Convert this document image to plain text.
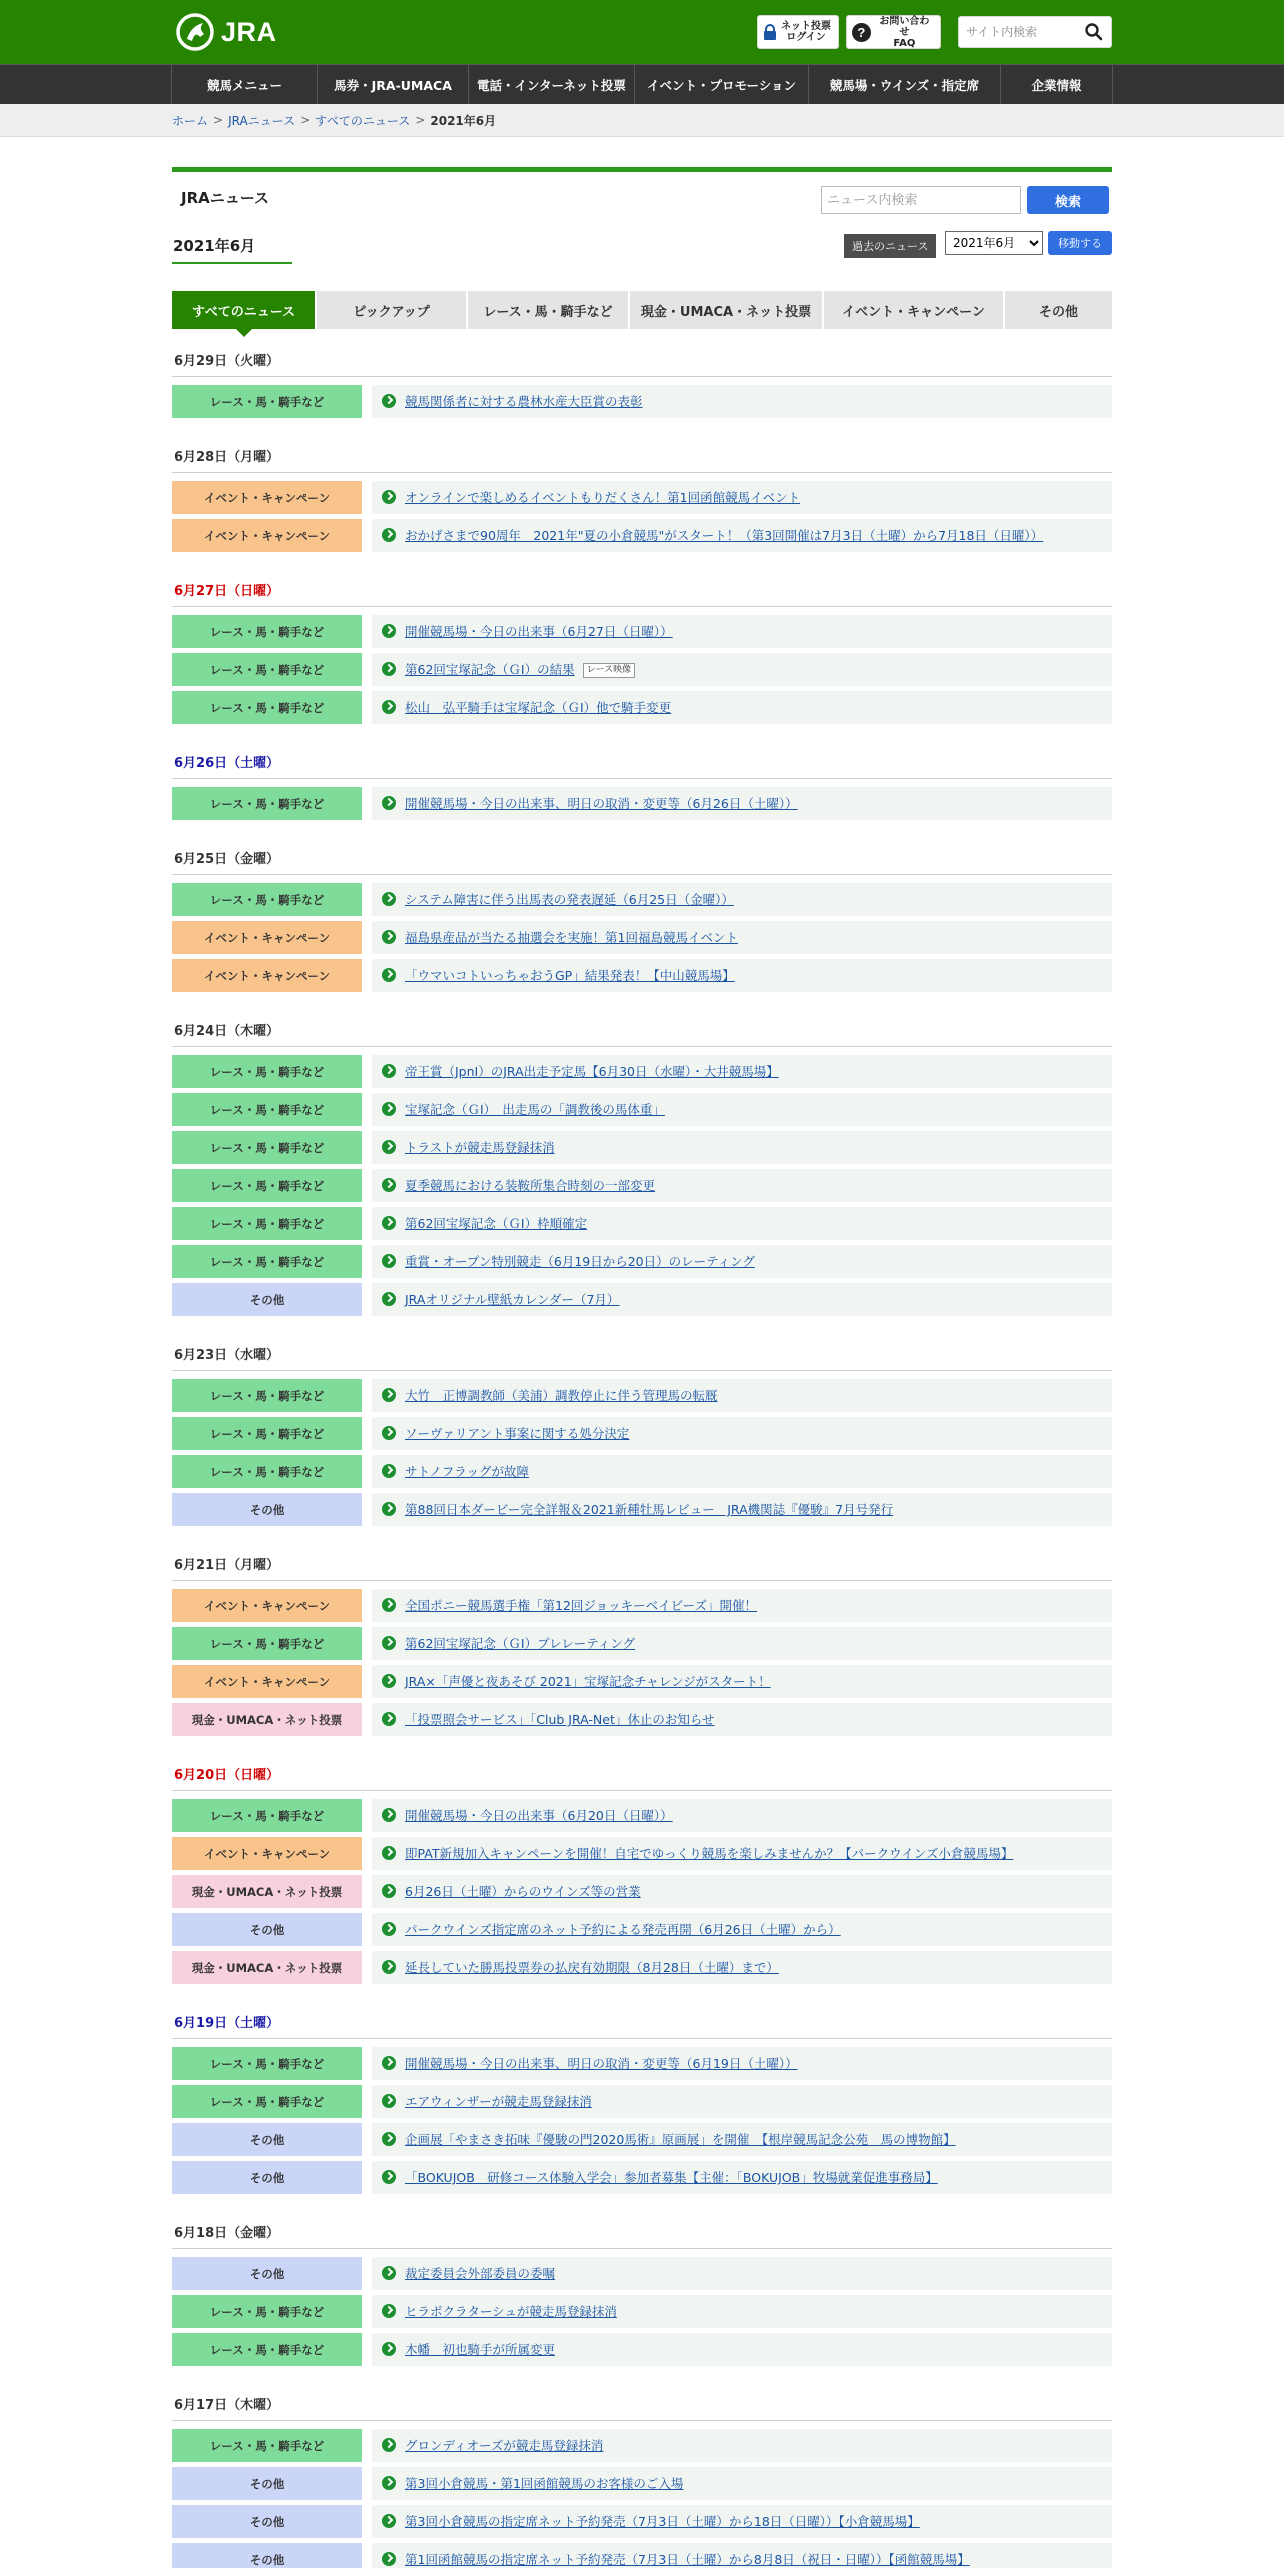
JRA	ネット投票
ログイン	?
お問い合わせ
FAQ
サイト内検索
競馬メニュー	馬券・JRA-UMACA	電話・インターネット投票	イベント・プロモーション	競馬場・ウインズ・指定席	企業情報
ホーム > JRAニュース > すべてのニュース > 2021年6月
JRAニュース
ニュース内検索	検索
2021年6月	過去のニュース
2021年6月	移動する
すべてのニュース	ピックアップ	レース・馬・騎手など	現金・UMACA・ネット投票	イベント・キャンペーン	その他
6月29日（火曜）
レース・馬・騎手など	競馬関係者に対する農林水産大臣賞の表彰
6月28日（月曜）
イベント・キャンペーン	オンラインで楽しめるイベントもりだくさん！第1回函館競馬イベント
イベント・キャンペーン	おかげさまで90周年　2021年"夏の小倉競馬"がスタート！（第3回開催は7月3日（土曜）から7月18日（日曜））
6月27日（日曜）
レース・馬・騎手など	開催競馬場・今日の出来事（6月27日（日曜））
レース・馬・騎手など	第62回宝塚記念（ＧⅠ）の結果 レース映像
レース・馬・騎手など	松山　弘平騎手は宝塚記念（ＧⅠ）他で騎手変更
6月26日（土曜）
レース・馬・騎手など	開催競馬場・今日の出来事、明日の取消・変更等（6月26日（土曜））
6月25日（金曜）
レース・馬・騎手など	システム障害に伴う出馬表の発表遅延（6月25日（金曜））
イベント・キャンペーン	福島県産品が当たる抽選会を実施！第1回福島競馬イベント
イベント・キャンペーン	「ウマいコトいっちゃおうGP」結果発表！【中山競馬場】
6月24日（木曜）
レース・馬・騎手など	帝王賞（JpnⅠ）のJRA出走予定馬【6月30日（水曜）・大井競馬場】
レース・馬・騎手など	宝塚記念（ＧⅠ）　出走馬の「調教後の馬体重」
レース・馬・騎手など	トラストが競走馬登録抹消
レース・馬・騎手など	夏季競馬における装鞍所集合時刻の一部変更
レース・馬・騎手など	第62回宝塚記念（ＧⅠ）枠順確定
レース・馬・騎手など	重賞・オープン特別競走（6月19日から20日）のレーティング
その他	JRAオリジナル壁紙カレンダー（7月）
6月23日（水曜）
レース・馬・騎手など	大竹　正博調教師（美浦）調教停止に伴う管理馬の転厩
レース・馬・騎手など	ソーヴァリアント事案に関する処分決定
レース・馬・騎手など	サトノフラッグが故障
その他	第88回日本ダービー完全詳報＆2021新種牡馬レビュー　JRA機関誌『優駿』7月号発行
6月21日（月曜）
イベント・キャンペーン	全国ポニー競馬選手権「第12回ジョッキーベイビーズ」開催！
レース・馬・騎手など	第62回宝塚記念（ＧⅠ）プレレーティング
イベント・キャンペーン	JRA×「声優と夜あそび 2021」宝塚記念チャレンジがスタート！
現金・UMACA・ネット投票	「投票照会サービス」「Club JRA-Net」休止のお知らせ
6月20日（日曜）
レース・馬・騎手など	開催競馬場・今日の出来事（6月20日（日曜））
イベント・キャンペーン	即PAT新規加入キャンペーンを開催！自宅でゆっくり競馬を楽しみませんか？【パークウインズ小倉競馬場】
現金・UMACA・ネット投票	6月26日（土曜）からのウインズ等の営業
その他	パークウインズ指定席のネット予約による発売再開（6月26日（土曜）から）
現金・UMACA・ネット投票	延長していた勝馬投票券の払戻有効期限（8月28日（土曜）まで）
6月19日（土曜）
レース・馬・騎手など	開催競馬場・今日の出来事、明日の取消・変更等（6月19日（土曜））
レース・馬・騎手など	エアウィンザーが競走馬登録抹消
その他	企画展「やまさき拓味『優駿の門2020馬術』原画展」を開催　【根岸競馬記念公苑　馬の博物館】
その他	「BOKUJOB　研修コース体験入学会」参加者募集【主催：「BOKUJOB」牧場就業促進事務局】
6月18日（金曜）
その他	裁定委員会外部委員の委嘱
レース・馬・騎手など	ヒラボクラターシュが競走馬登録抹消
レース・馬・騎手など	木幡　初也騎手が所属変更
6月17日（木曜）
レース・馬・騎手など	グロンディオーズが競走馬登録抹消
その他	第3回小倉競馬・第1回函館競馬のお客様のご入場
その他	第3回小倉競馬の指定席ネット予約発売（7月3日（土曜）から18日（日曜））【小倉競馬場】
その他	第1回函館競馬の指定席ネット予約発売（7月3日（土曜）から8月8日（祝日・日曜））【函館競馬場】
